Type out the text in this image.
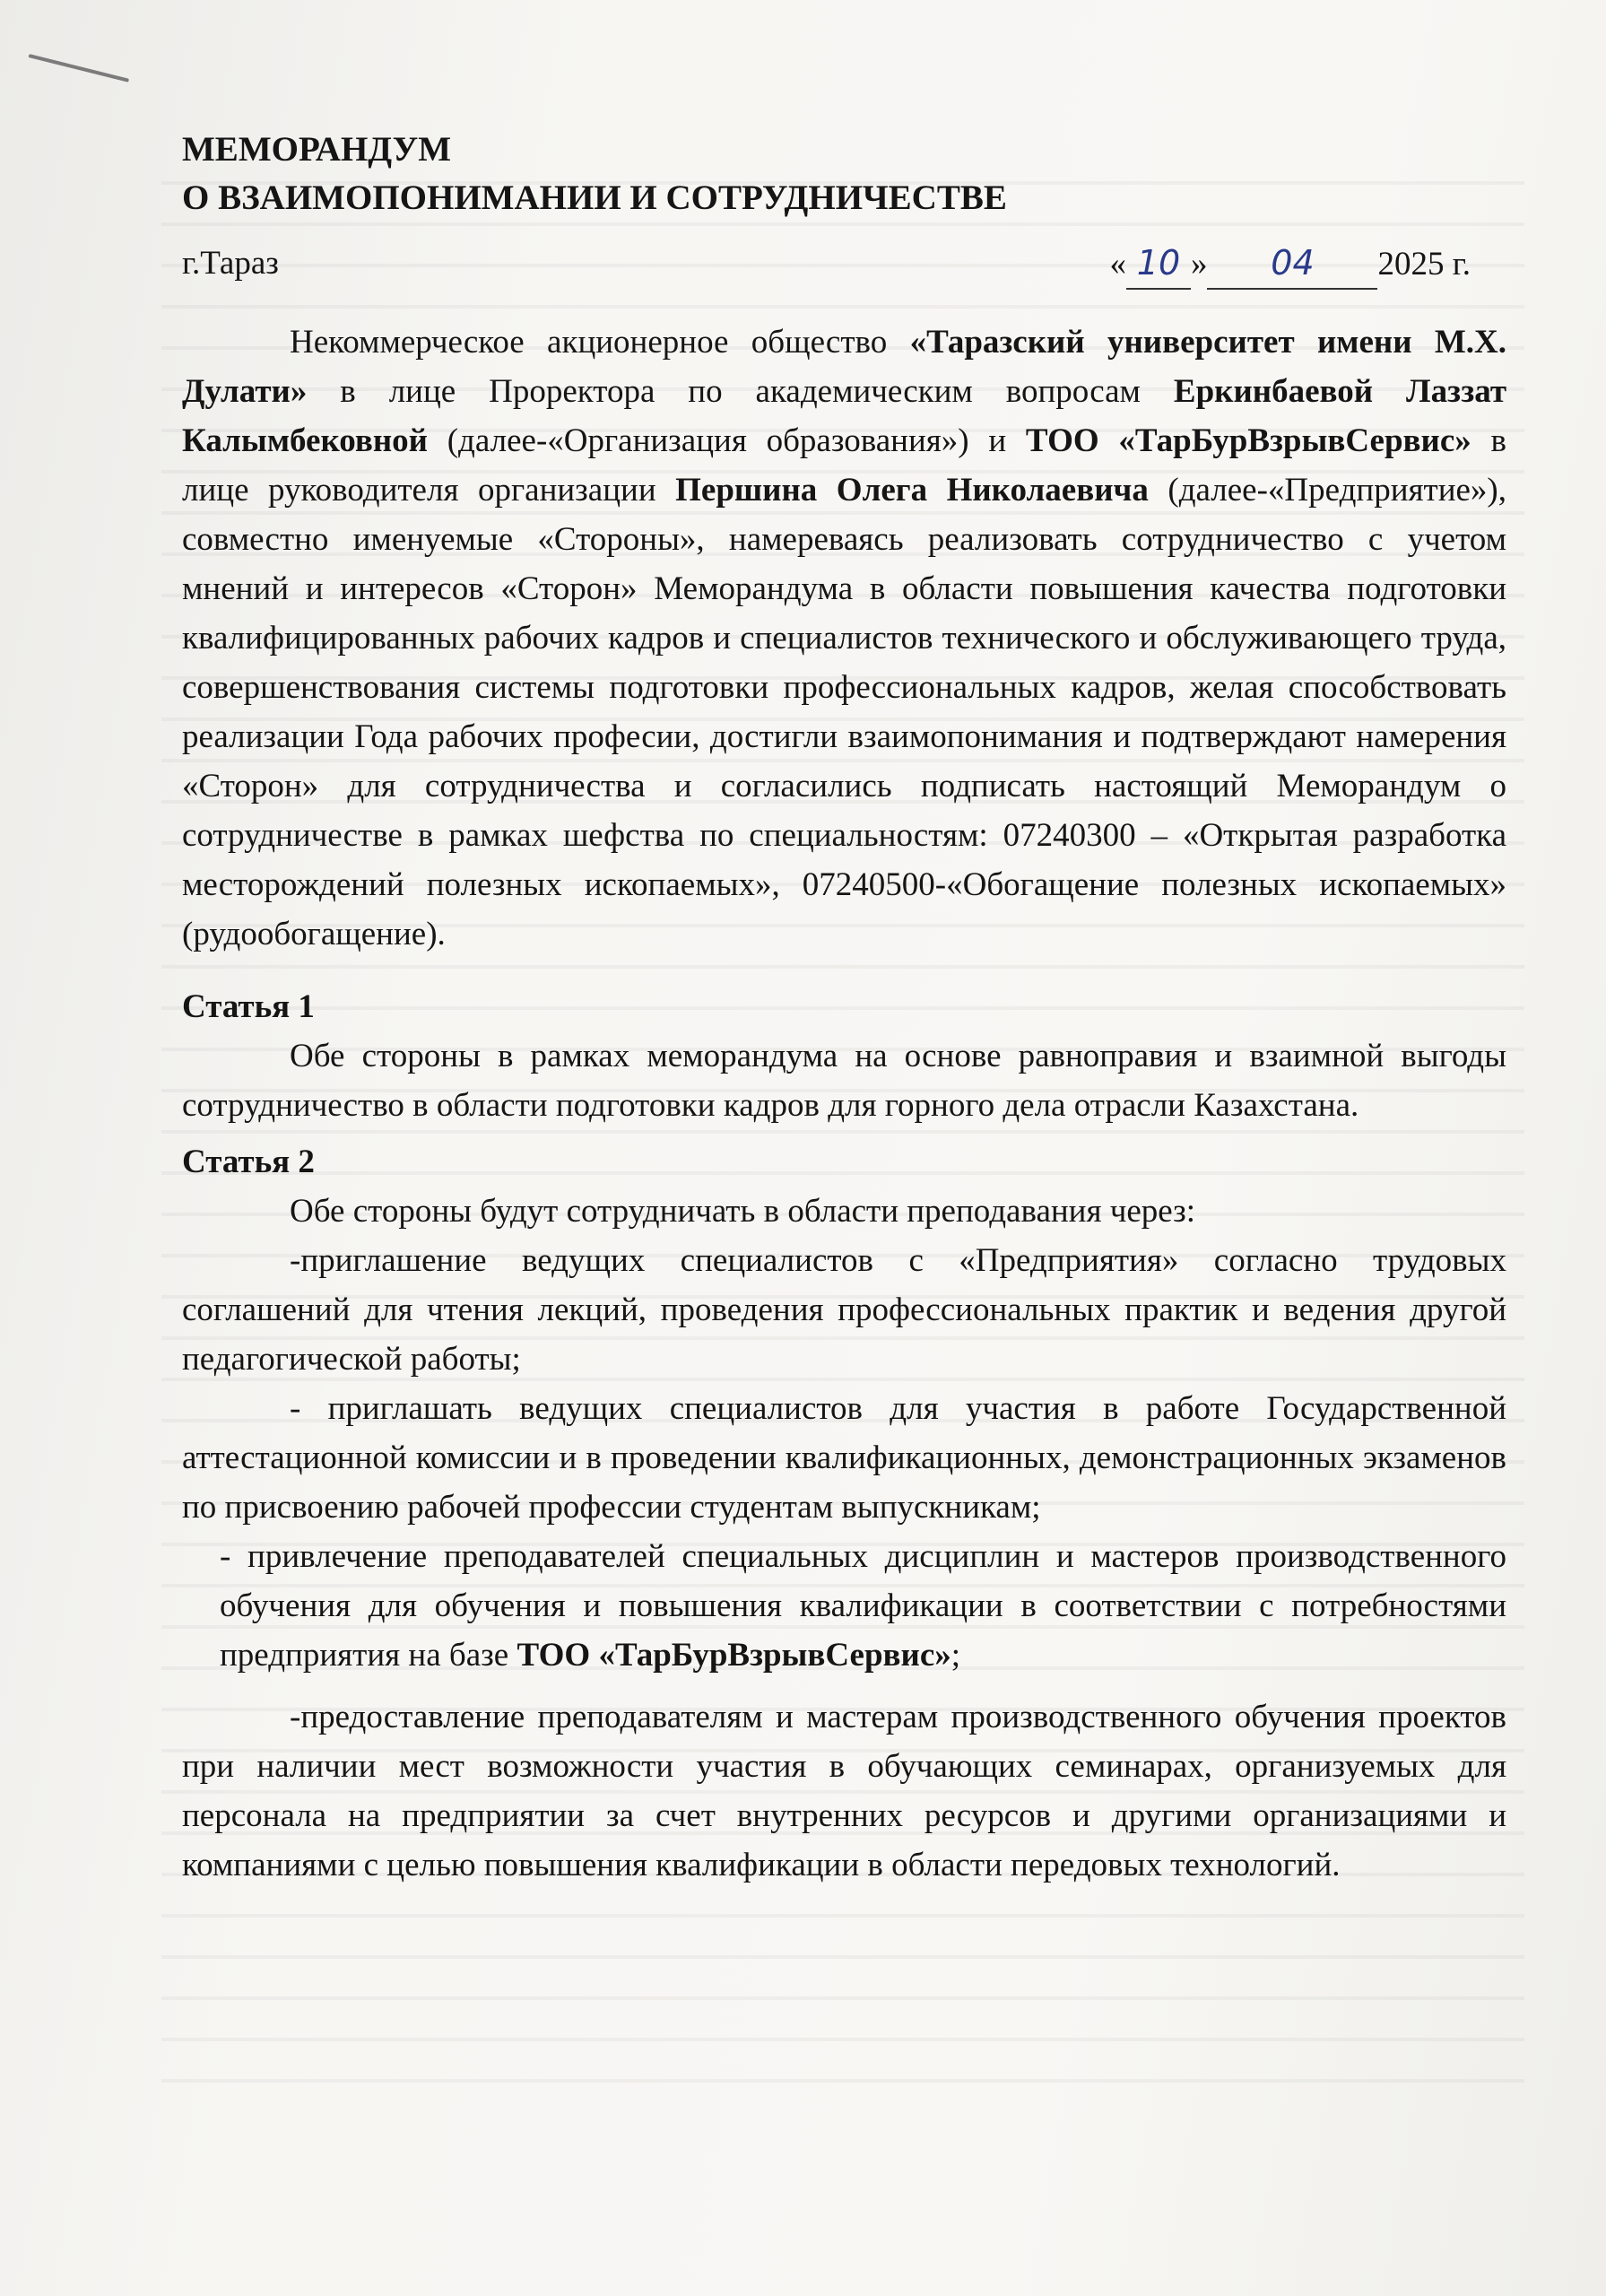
МЕМОРАНДУМ

О ВЗАИМОПОНИМАНИИ И СОТРУДНИЧЕСТВЕ

г.Тараз	« 10 » 04 2025 г.

Некоммерческое акционерное общество «Таразский университет имени М.Х. Дулати» в лице Проректора по академическим вопросам Еркинбаевой Лаззат Калымбековной (далее-«Организация образования») и ТОО «ТарБурВзрывСервис» в лице руководителя организации Першина Олега Николаевича (далее-«Предприятие»), совместно именуемые «Стороны», намереваясь реализовать сотрудничество с учетом мнений и интересов «Сторон» Меморандума в области повышения качества подготовки квалифицированных рабочих кадров и специалистов технического и обслуживающего труда, совершенствования системы подготовки профессиональных кадров, желая способствовать реализации Года рабочих професии, достигли взаимопонимания и подтверждают намерения «Сторон» для сотрудничества и согласились подписать настоящий Меморандум о сотрудничестве в рамках шефства по специальностям: 07240300 – «Открытая разработка месторождений полезных ископаемых», 07240500-«Обогащение полезных ископаемых» (рудообогащение).

Статья 1

Обе стороны в рамках меморандума на основе равноправия и взаимной выгоды сотрудничество в области подготовки кадров для горного дела отрасли Казахстана.

Статья 2

Обе стороны будут сотрудничать в области преподавания через:

-приглашение ведущих специалистов с «Предприятия» согласно трудовых соглашений для чтения лекций, проведения профессиональных практик и ведения другой педагогической работы;

- приглашать ведущих специалистов для участия в работе Государственной аттестационной комиссии и в проведении квалификационных, демонстрационных экзаменов по присвоению рабочей профессии студентам выпускникам;

- привлечение преподавателей специальных дисциплин и мастеров производственного обучения для обучения и повышения квалификации в соответствии с потребностями предприятия на базе ТОО «ТарБурВзрывСервис»;

-предоставление преподавателям и мастерам производственного обучения проектов при наличии мест возможности участия в обучающих семинарах, организуемых для персонала на предприятии за счет внутренних ресурсов и другими организациями и компаниями с целью повышения квалификации в области передовых технологий.
